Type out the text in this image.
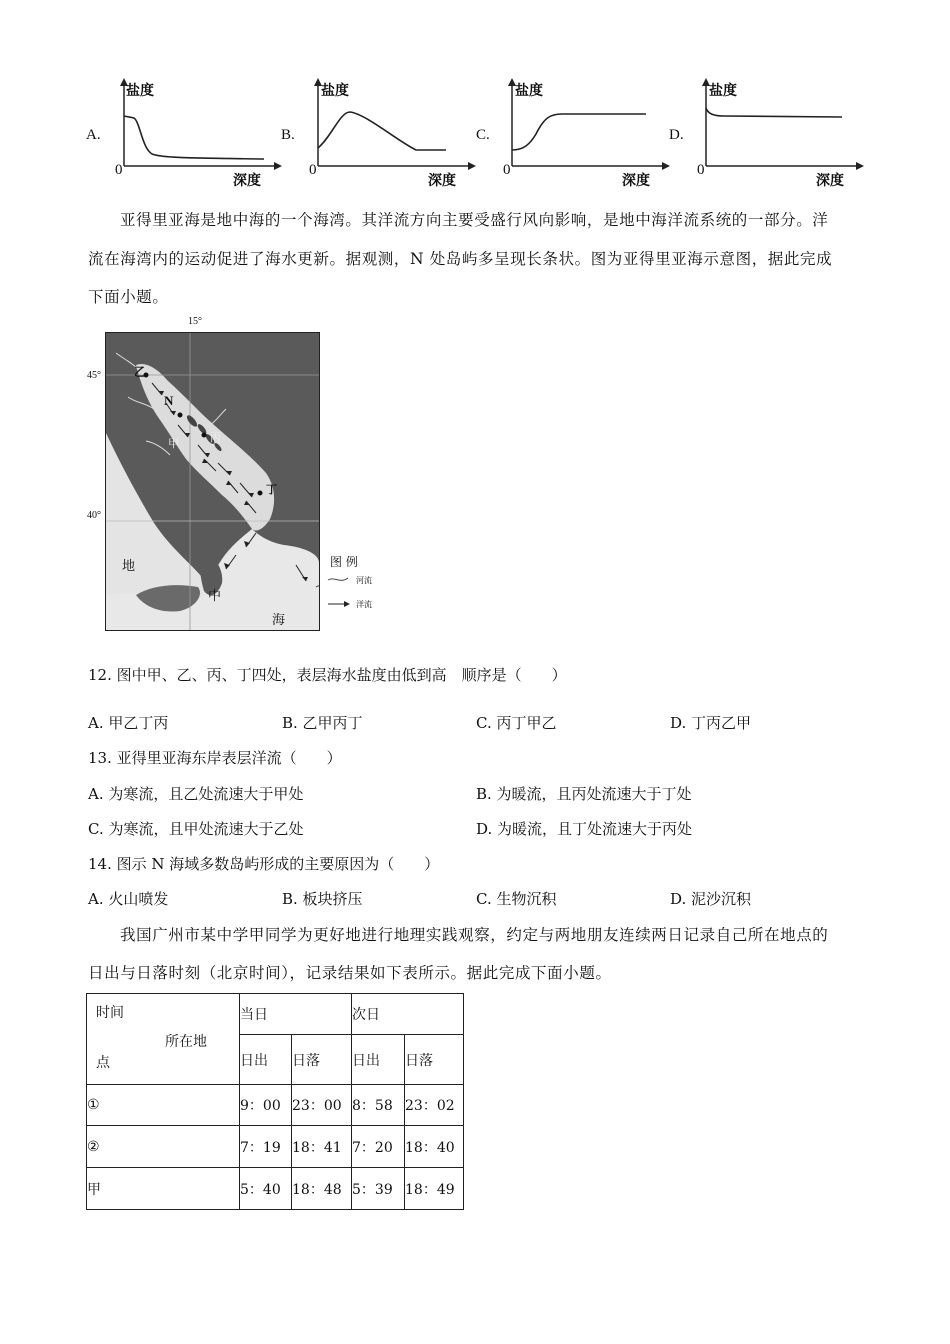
A.
盐度
深度
0
B.
盐度
深度
0
C.
盐度
深度
0
D.
盐度
深度
0
亚得里亚海是地中海的一个海湾。其洋流方向主要受盛行风向影响，是地中海洋流系统的一部分。洋
流在海湾内的运动促进了海水更新。据观测，N 处岛屿多呈现长条状。图为亚得里亚海示意图，据此完成
下面小题。
15°
45°
40°
乙
N
丙
甲
丁
地
中
海
图 例
河流
洋流
12. 图中甲、乙、丙、丁四处，表层海水盐度由低到高　顺序是（　　）
A. 甲乙丁丙	B. 乙甲丙丁	C. 丙丁甲乙	D. 丁丙乙甲
13. 亚得里亚海东岸表层洋流（　　）
A. 为寒流，且乙处流速大于甲处	B. 为暖流，且丙处流速大于丁处
C. 为寒流，且甲处流速大于乙处	D. 为暖流，且丁处流速大于丙处
14. 图示 N 海域多数岛屿形成的主要原因为（　　）
A. 火山喷发	B. 板块挤压	C. 生物沉积	D. 泥沙沉积
我国广州市某中学甲同学为更好地进行地理实践观察，约定与两地朋友连续两日记录自己所在地点的
日出与日落时刻（北京时间），记录结果如下表所示。据此完成下面小题。
时间
所在地
点	当日		次日	
	日出	日落	日出	日落
①	9：00	23：00	8：58	23：02
②	7：19	18：41	7：20	18：40
甲	5：40	18：48	5：39	18：49
